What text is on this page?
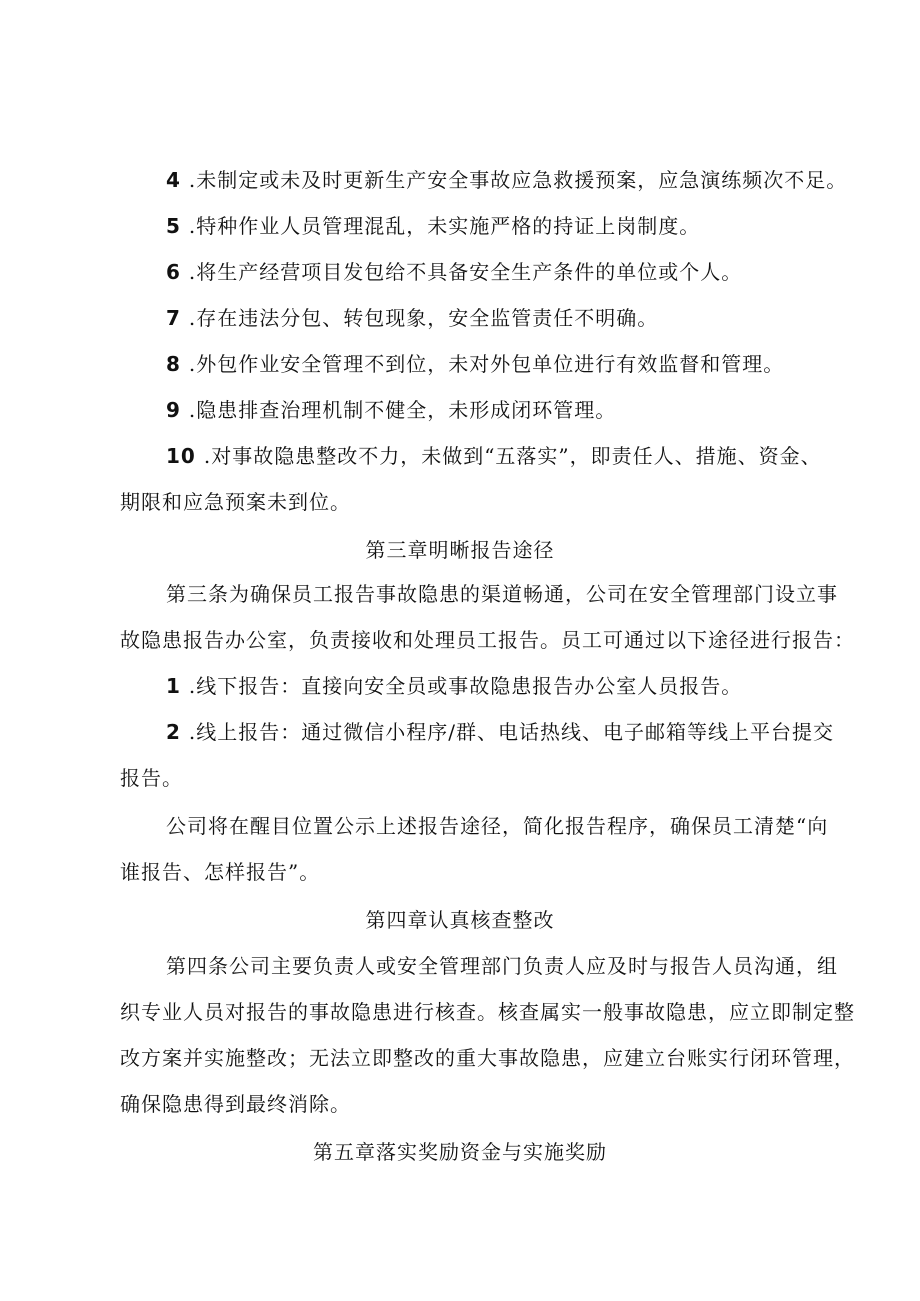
4 .未制定或未及时更新生产安全事故应急救援预案，应急演练频次不足。
5 .特种作业人员管理混乱，未实施严格的持证上岗制度。
6 .将生产经营项目发包给不具备安全生产条件的单位或个人。
7 .存在违法分包、转包现象，安全监管责任不明确。
8 .外包作业安全管理不到位，未对外包单位进行有效监督和管理。
9 .隐患排查治理机制不健全，未形成闭环管理。
10 .对事故隐患整改不力，未做到“五落实”，即责任人、措施、资金、
期限和应急预案未到位。
第三章明晰报告途径
第三条为确保员工报告事故隐患的渠道畅通，公司在安全管理部门设立事
故隐患报告办公室，负责接收和处理员工报告。员工可通过以下途径进行报告：
1 .线下报告：直接向安全员或事故隐患报告办公室人员报告。
2 .线上报告：通过微信小程序/群、电话热线、电子邮箱等线上平台提交
报告。
公司将在醒目位置公示上述报告途径，简化报告程序，确保员工清楚“向
谁报告、怎样报告”。
第四章认真核查整改
第四条公司主要负责人或安全管理部门负责人应及时与报告人员沟通，组
织专业人员对报告的事故隐患进行核查。核查属实一般事故隐患，应立即制定整
改方案并实施整改；无法立即整改的重大事故隐患，应建立台账实行闭环管理，
确保隐患得到最终消除。
第五章落实奖励资金与实施奖励
